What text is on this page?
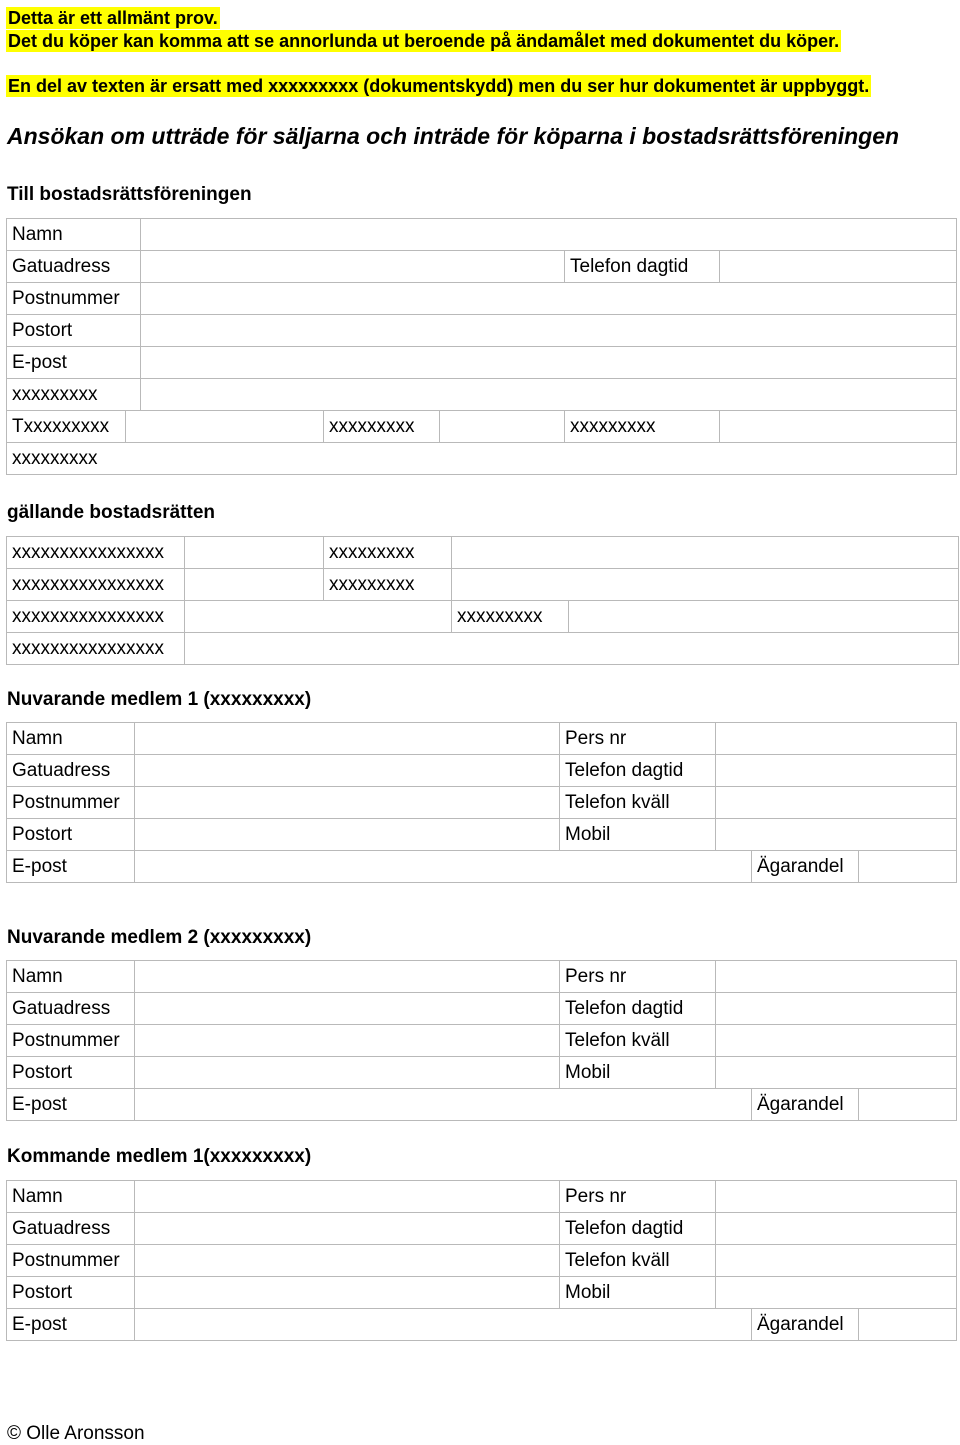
Detta är ett allmänt prov.
Det du köper kan komma att se annorlunda ut beroende på ändamålet med dokumentet du köper.
En del av texten är ersatt med xxxxxxxxx (dokumentskydd) men du ser hur dokumentet är uppbyggt.
Ansökan om utträde för säljarna och inträde för köparna i bostadsrättsföreningen
Till bostadsrättsföreningen
Namn						
Gatuadress					Telefon dagtid	
Postnummer						
Postort						
E-post						
xxxxxxxxx						
Txxxxxxxxx			xxxxxxxxx		xxxxxxxxx	
xxxxxxxxx						
gällande bostadsrätten
xxxxxxxxxxxxxxxx		xxxxxxxxx		
xxxxxxxxxxxxxxxx		xxxxxxxxx		
xxxxxxxxxxxxxxxx			xxxxxxxxx	
xxxxxxxxxxxxxxxx				
Nuvarande medlem 1 (xxxxxxxxx)
Namn		Pers nr			
Gatuadress		Telefon dagtid			
Postnummer		Telefon kväll			
Postort		Mobil			
E-post				Ägarandel	
Nuvarande medlem 2 (xxxxxxxxx)
Namn		Pers nr			
Gatuadress		Telefon dagtid			
Postnummer		Telefon kväll			
Postort		Mobil			
E-post				Ägarandel	
Kommande medlem 1(xxxxxxxxx)
Namn		Pers nr			
Gatuadress		Telefon dagtid			
Postnummer		Telefon kväll			
Postort		Mobil			
E-post				Ägarandel	
© Olle Aronsson
